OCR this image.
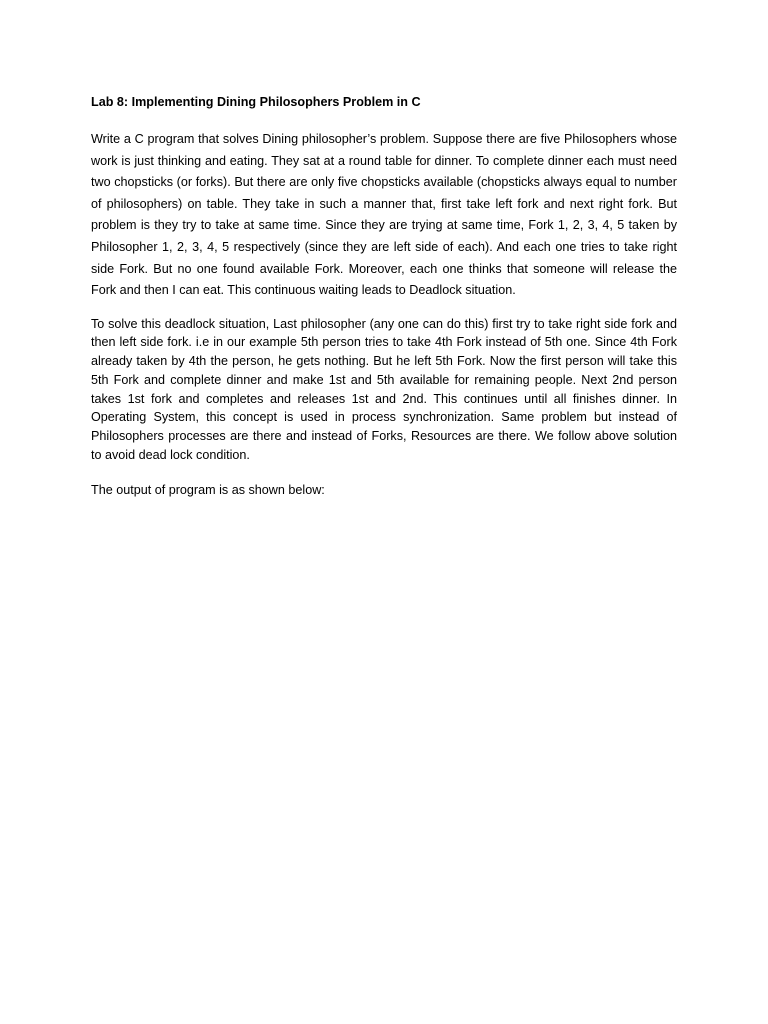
Lab 8: Implementing Dining Philosophers Problem in C

Write a C program that solves Dining philosopher’s problem. Suppose there are five Philosophers whose work is just thinking and eating. They sat at a round table for dinner. To complete dinner each must need two chopsticks (or forks). But there are only five chopsticks available (chopsticks always equal to number of philosophers) on table. They take in such a manner that, first take left fork and next right fork. But problem is they try to take at same time. Since they are trying at same time, Fork 1, 2, 3, 4, 5 taken by Philosopher 1, 2, 3, 4, 5 respectively (since they are left side of each). And each one tries to take right side Fork. But no one found available Fork. Moreover, each one thinks that someone will release the Fork and then I can eat. This continuous waiting leads to Deadlock situation.

To solve this deadlock situation, Last philosopher (any one can do this) first try to take right side fork and then left side fork. i.e in our example 5th person tries to take 4th Fork instead of 5th one. Since 4th Fork already taken by 4th the person, he gets nothing. But he left 5th Fork. Now the first person will take this 5th Fork and complete dinner and make 1st and 5th available for remaining people. Next 2nd person takes 1st fork and completes and releases 1st and 2nd. This continues until all finishes dinner. In Operating System, this concept is used in process synchronization. Same problem but instead of Philosophers processes are there and instead of Forks, Resources are there. We follow above solution to avoid dead lock condition.

The output of program is as shown below:
